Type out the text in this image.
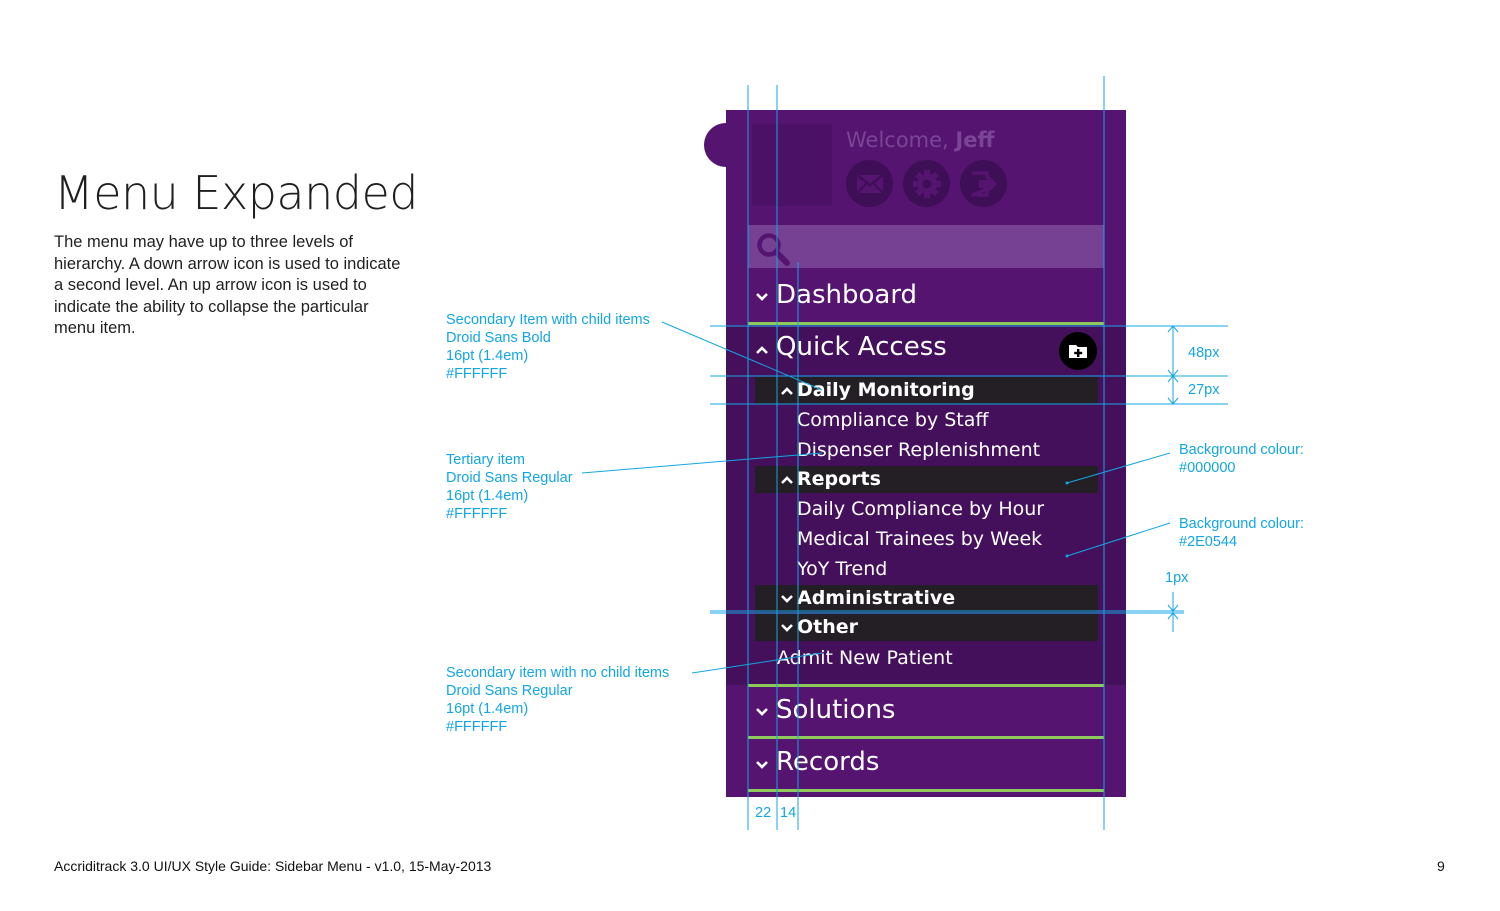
Menu Expanded

The menu may have up to three levels of hierarchy. A down arrow icon is used to indicate a second level. An up arrow icon is used to indicate the ability to collapse the particular menu item.

Accriditrack 3.0 UI/UX Style Guide: Sidebar Menu - v1.0, 15-May-2013	9
Welcome, Jeff
Dashboard
Quick Access
Daily Monitoring
Compliance by Staff
Dispenser Replenishment
Reports
Daily Compliance by Hour
Medical Trainees by Week
YoY Trend
Administrative
Other
Admit New Patient
Solutions
Records
Secondary Item with child items
Droid Sans Bold
16pt (1.4em)
#FFFFFF
Tertiary item
Droid Sans Regular
16pt (1.4em)
#FFFFFF
Secondary item with no child items
Droid Sans Regular
16pt (1.4em)
#FFFFFF
Background colour:
#000000
Background colour:
#2E0544
48px
27px
1px
22 14
